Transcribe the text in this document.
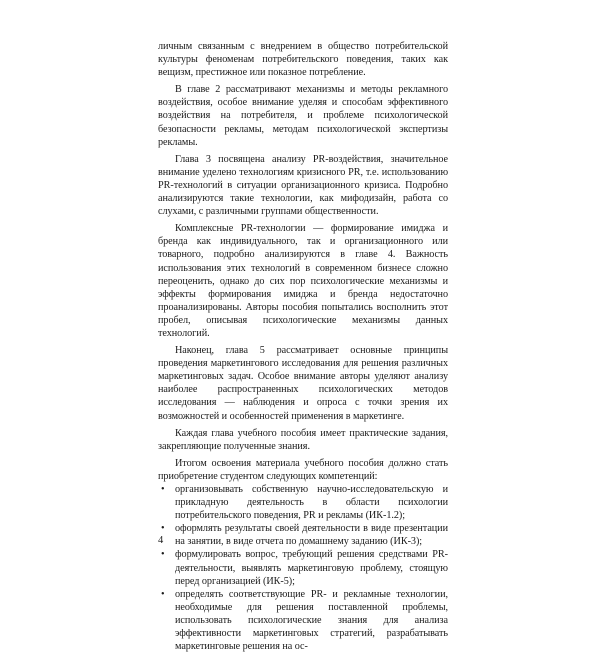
личным связанным с внедрением в общество потребительской культуры феноменам потребительского поведения, таких как вещизм, престижное или показное потребление.

В главе 2 рассматривают механизмы и методы рекламного воздействия, особое внимание уделяя и способам эффективного воздействия на потребителя, и проблеме психологической безопасности рекламы, методам психологической экспертизы рекламы.

Глава 3 посвящена анализу PR-воздействия, значительное внимание уделено технологиям кризисного PR, т.е. использованию PR-технологий в ситуации организационного кризиса. Подробно анализируются такие технологии, как мифодизайн, работа со слухами, с различными группами общественности.

Комплексные PR-технологии — формирование имиджа и бренда как индивидуального, так и организационного или товарного, подробно анализируются в главе 4. Важность использования этих технологий в современном бизнесе сложно переоценить, однако до сих пор психологические механизмы и эффекты формирования имиджа и бренда недостаточно проанализированы. Авторы пособия попытались восполнить этот пробел, описывая психологические механизмы данных технологий.

Наконец, глава 5 рассматривает основные принципы проведения маркетингового исследования для решения различных маркетинговых задач. Особое внимание авторы уделяют анализу наиболее распространенных психологических методов исследования — наблюдения и опроса с точки зрения их возможностей и особенностей применения в маркетинге.

Каждая глава учебного пособия имеет практические задания, закрепляющие полученные знания.

Итогом освоения материала учебного пособия должно стать приобретение студентом следующих компетенций:

• организовывать собственную научно-исследовательскую и прикладную деятельность в области психологии потребительского поведения, PR и рекламы (ИК-1.2);
• оформлять результаты своей деятельности в виде презентации на занятии, в виде отчета по домашнему заданию (ИК-3);
• формулировать вопрос, требующий решения средствами PR-деятельности, выявлять маркетинговую проблему, стоящую перед организацией (ИК-5);
• определять соответствующие PR- и рекламные технологии, необходимые для решения поставленной проблемы, использовать психологические знания для анализа эффективности маркетинговых стратегий, разрабатывать маркетинговые решения на ос-
4
